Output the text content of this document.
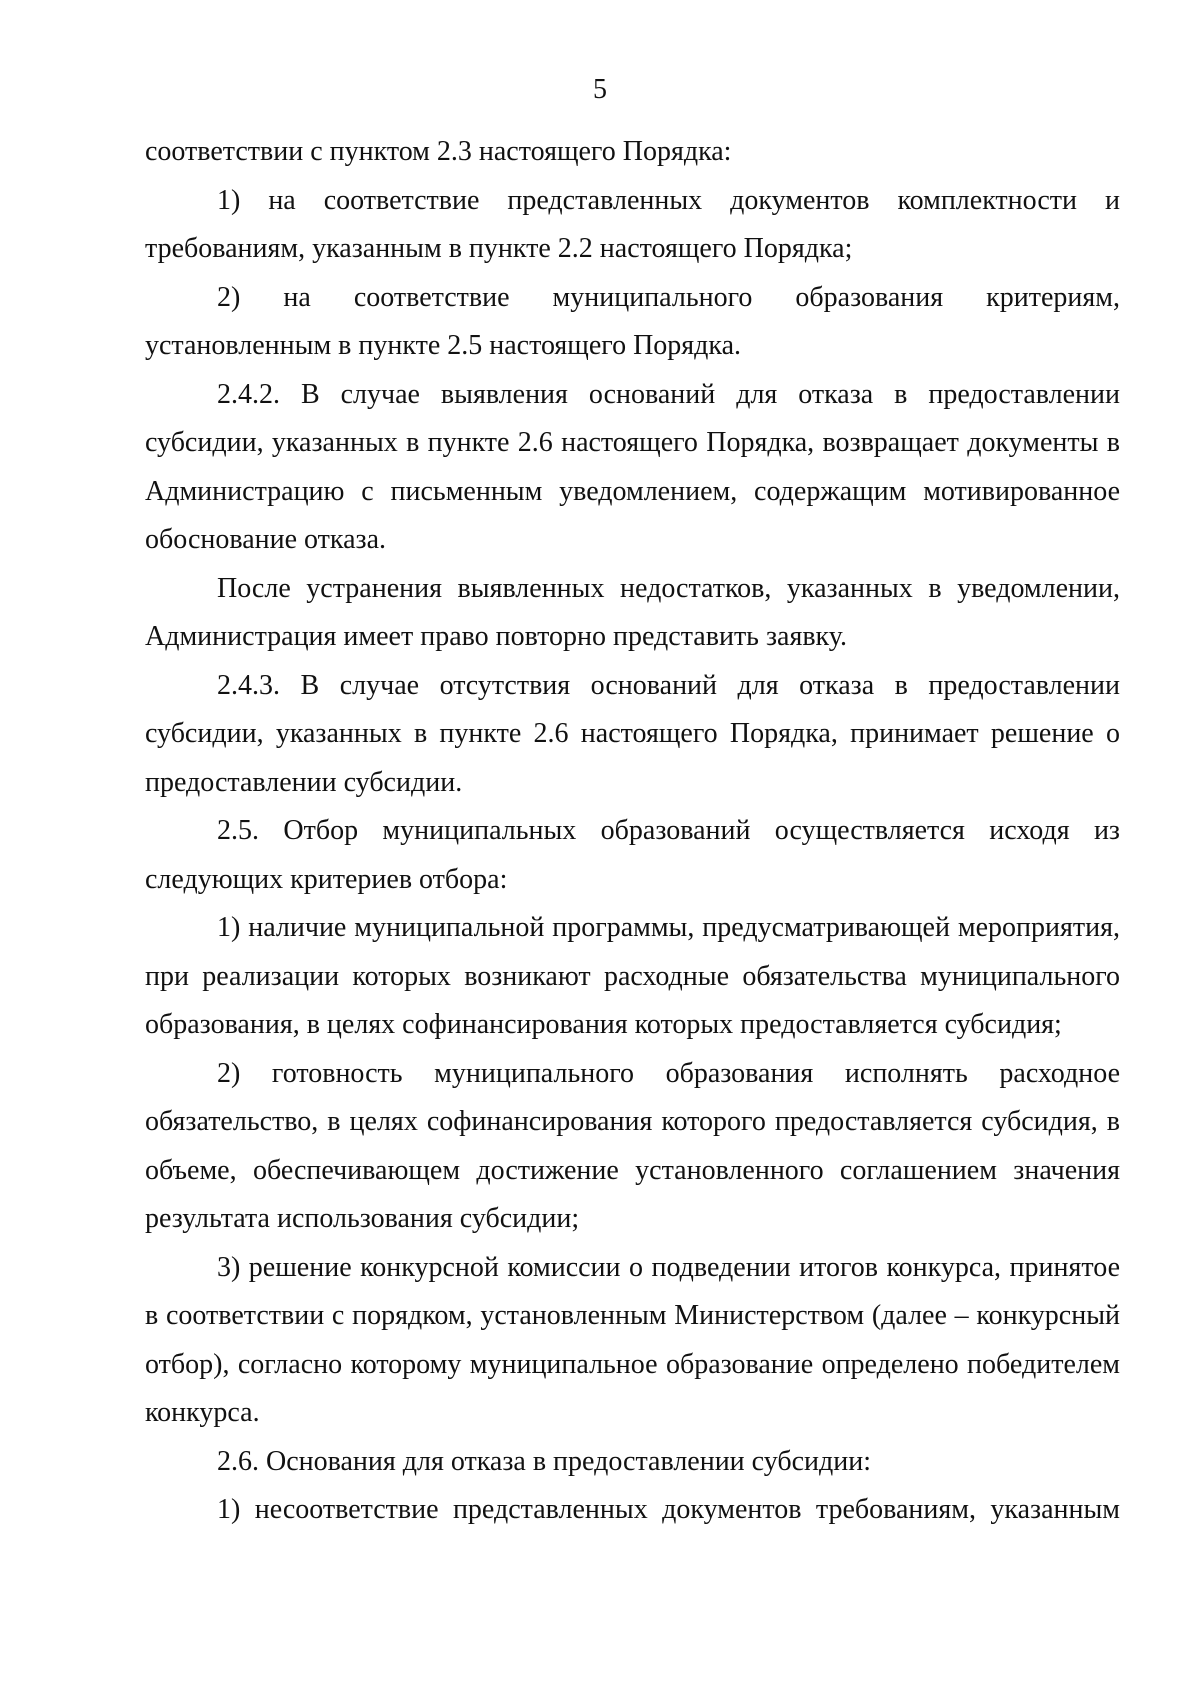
5

соответствии с пунктом 2.3 настоящего Порядка:

1) на соответствие представленных документов комплектности и требованиям, указанным в пункте 2.2 настоящего Порядка;

2) на соответствие муниципального образования критериям, установленным в пункте 2.5 настоящего Порядка.

2.4.2. В случае выявления оснований для отказа в предоставлении субсидии, указанных в пункте 2.6 настоящего Порядка, возвращает документы в Администрацию с письменным уведомлением, содержащим мотивированное обоснование отказа.

После устранения выявленных недостатков, указанных в уведомлении, Администрация имеет право повторно представить заявку.

2.4.3. В случае отсутствия оснований для отказа в предоставлении субсидии, указанных в пункте 2.6 настоящего Порядка, принимает решение о предоставлении субсидии.

2.5. Отбор муниципальных образований осуществляется исходя из следующих критериев отбора:

1) наличие муниципальной программы, предусматривающей мероприятия, при реализации которых возникают расходные обязательства муниципального образования, в целях софинансирования которых предоставляется субсидия;

2) готовность муниципального образования исполнять расходное обязательство, в целях софинансирования которого предоставляется субсидия, в объеме, обеспечивающем достижение установленного соглашением значения результата использования субсидии;

3) решение конкурсной комиссии о подведении итогов конкурса, принятое в соответствии с порядком, установленным Министерством (далее – конкурсный отбор), согласно которому муниципальное образование определено победителем конкурса.

2.6. Основания для отказа в предоставлении субсидии:

1) несоответствие представленных документов требованиям, указанным
